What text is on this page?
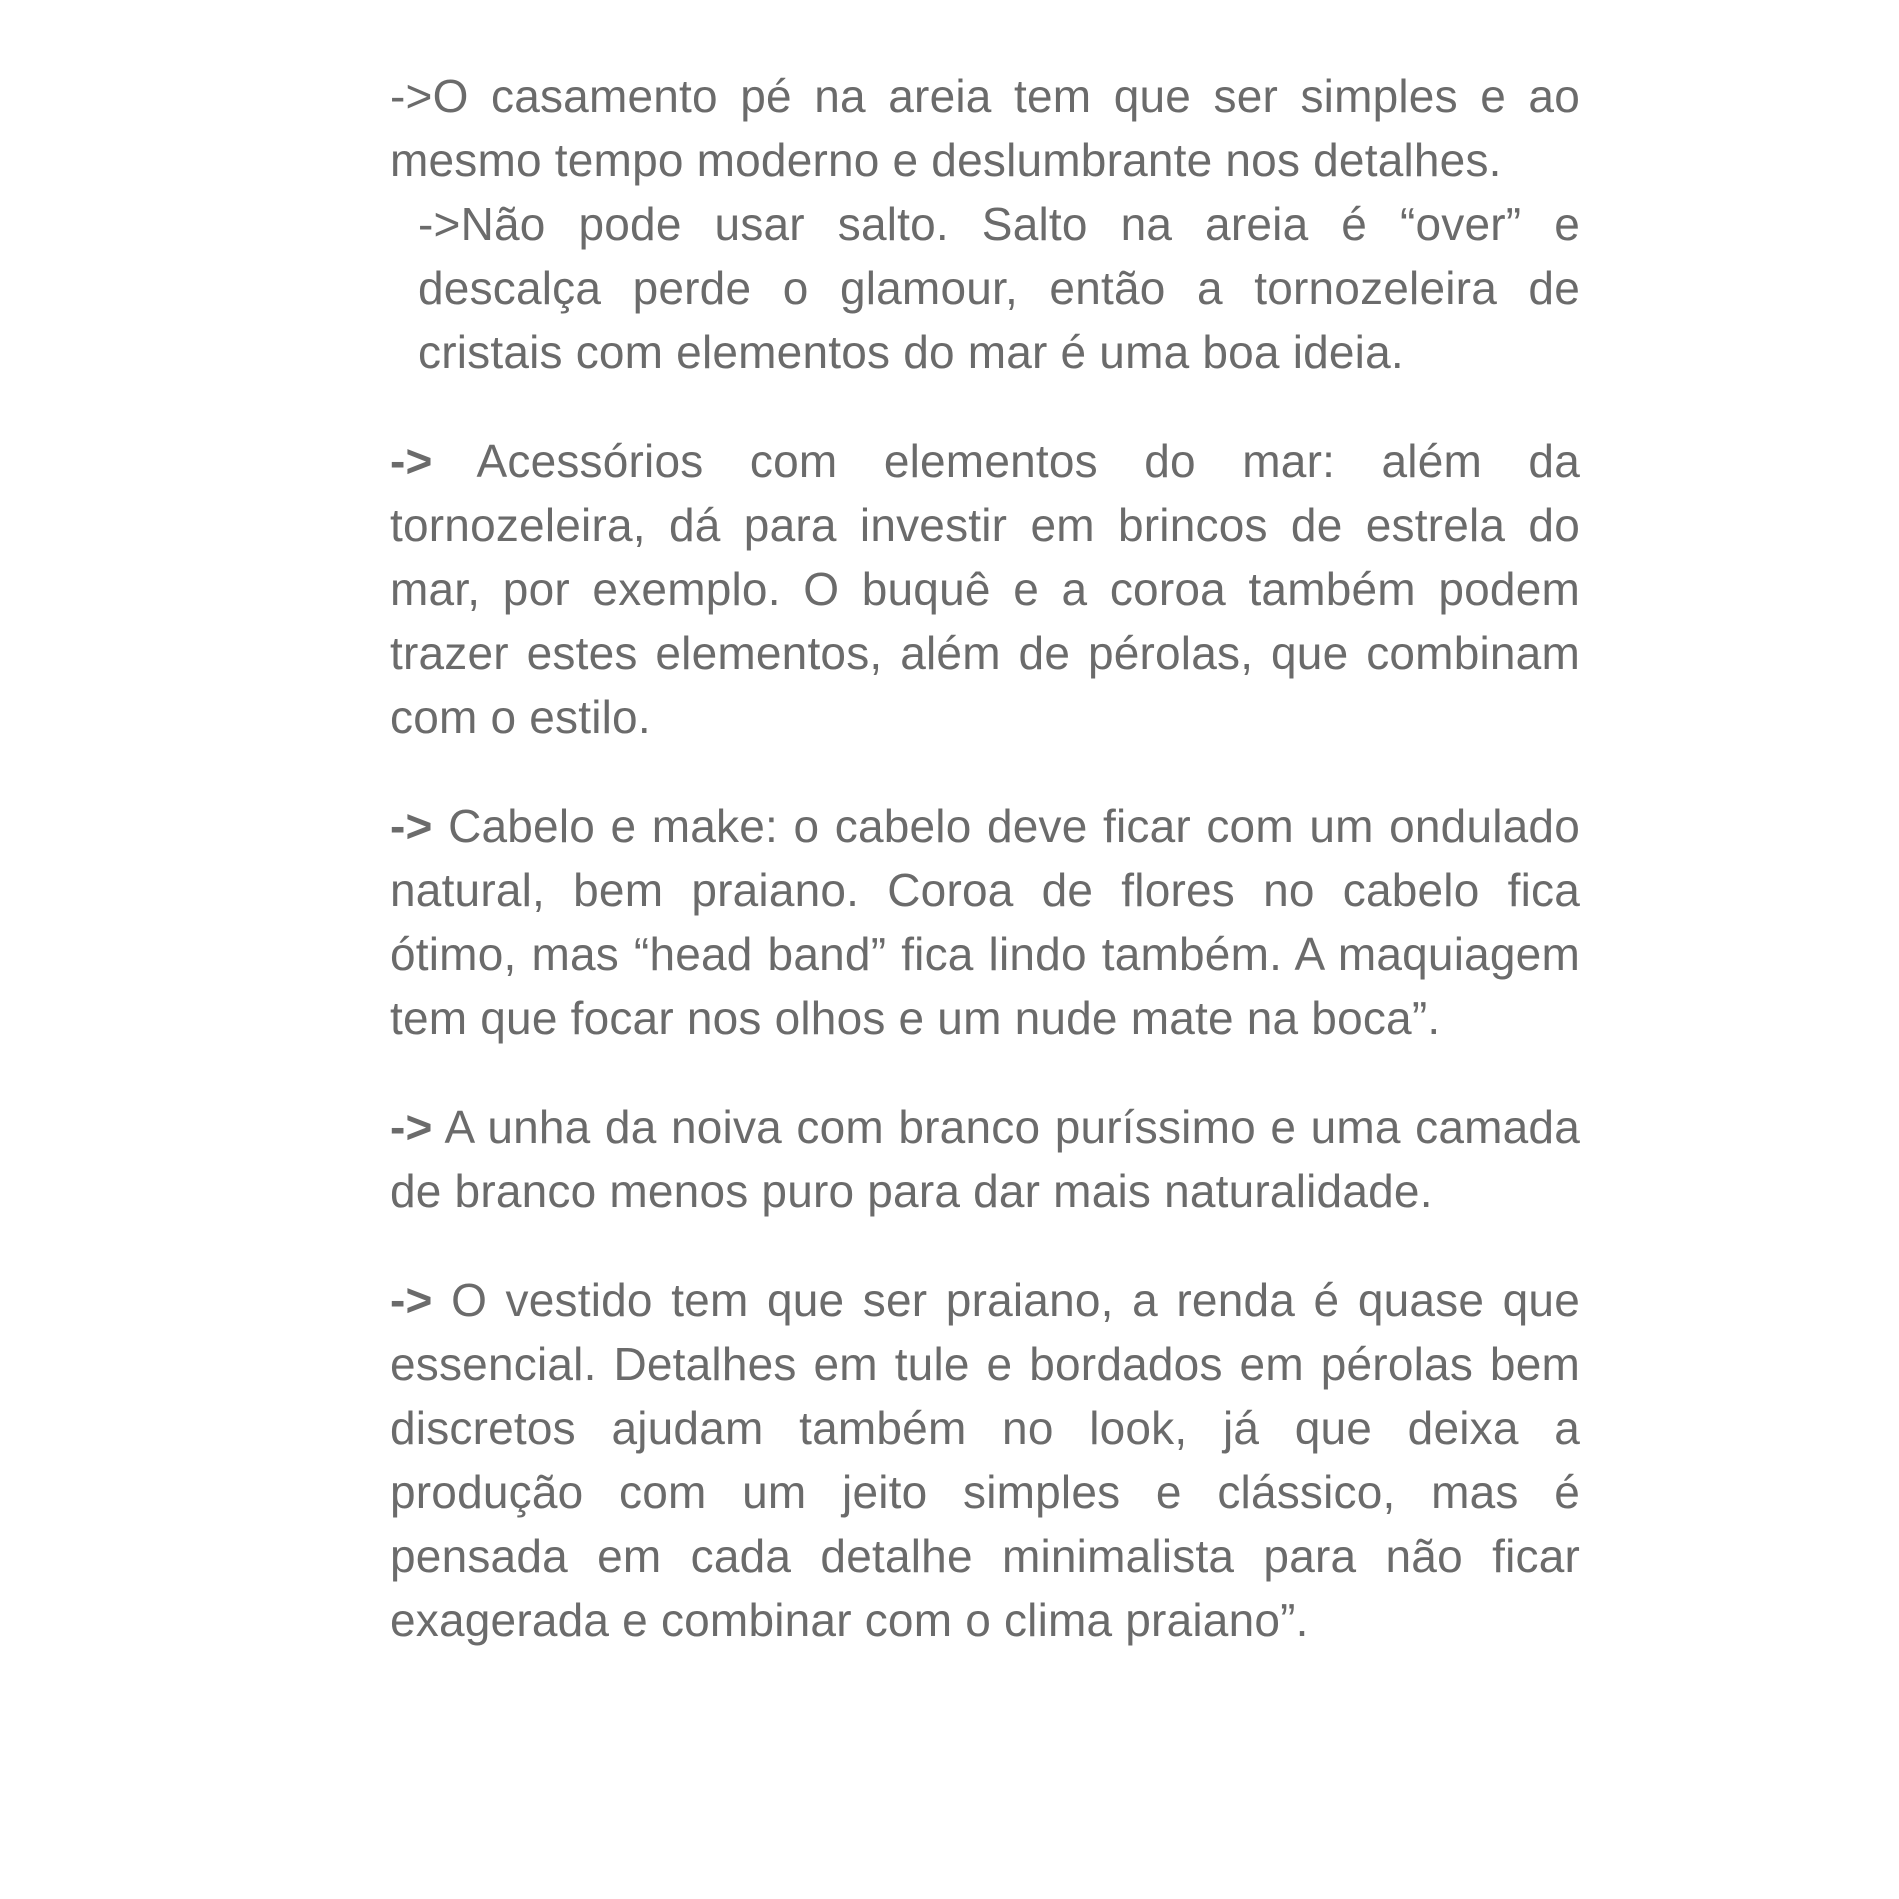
->O casamento pé na areia tem que ser simples e ao mesmo tempo moderno e deslumbrante nos detalhes.
->Não pode usar salto. Salto na areia é “over” e descalça perde o glamour, então a tornozeleira de cristais com elementos do mar é uma boa ideia.

-> Acessórios com elementos do mar: além da tornozeleira, dá para investir em brincos de estrela do mar, por exemplo. O buquê e a coroa também podem trazer estes elementos, além de pérolas, que combinam com o estilo.

-> Cabelo e make: o cabelo deve ficar com um ondulado natural, bem praiano. Coroa de flores no cabelo fica ótimo, mas “head band” fica lindo também. A maquiagem tem que focar nos olhos e um nude mate na boca”.

-> A unha da noiva com branco puríssimo e uma camada de branco menos puro para dar mais naturalidade.

-> O vestido tem que ser praiano, a renda é quase que essencial. Detalhes em tule e bordados em pérolas bem discretos ajudam também no look, já que deixa a produção com um jeito simples e clássico, mas é pensada em cada detalhe minimalista para não ficar exagerada e combinar com o clima praiano”.
